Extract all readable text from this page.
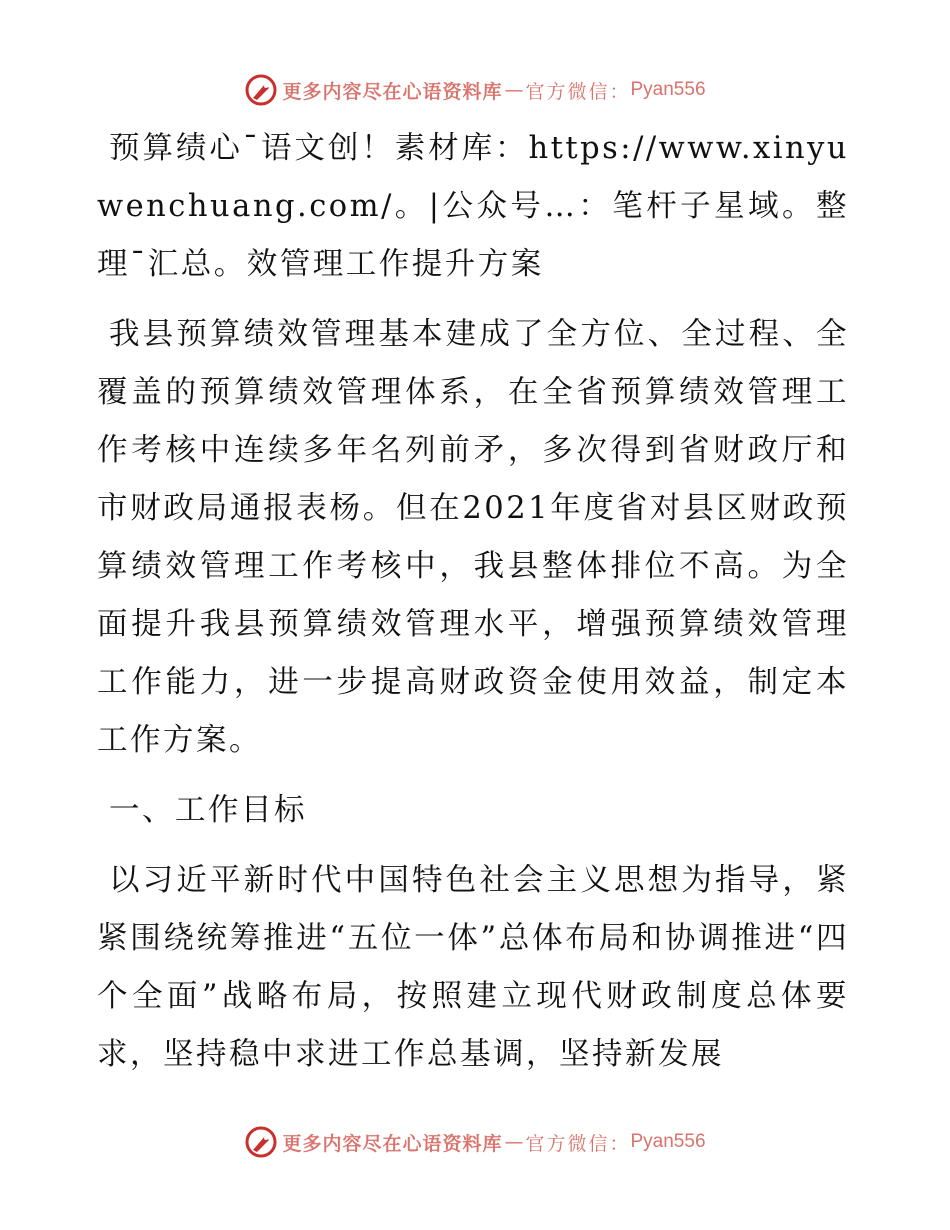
更多内容尽在心语资料库 — 官方微信： Pyan556

预算绩心¯语文创！素材库：https://www.xinyuwenchuang.com/。|公众号…：笔杆子星域。整理¯汇总。效管理工作提升方案

我县预算绩效管理基本建成了全方位、全过程、全覆盖的预算绩效管理体系，在全省预算绩效管理工作考核中连续多年名列前矛，多次得到省财政厅和市财政局通报表杨。但在2021年度省对县区财政预算绩效管理工作考核中，我县整体排位不高。为全面提升我县预算绩效管理水平，增强预算绩效管理工作能力，进一步提高财政资金使用效益，制定本工作方案。

一、工作目标

以习近平新时代中国特色社会主义思想为指导，紧紧围绕统筹推进“五位一体”总体布局和协调推进“四个全面”战略布局，按照建立现代财政制度总体要求，坚持稳中求进工作总基调，坚持新发展

更多内容尽在心语资料库 — 官方微信： Pyan556
